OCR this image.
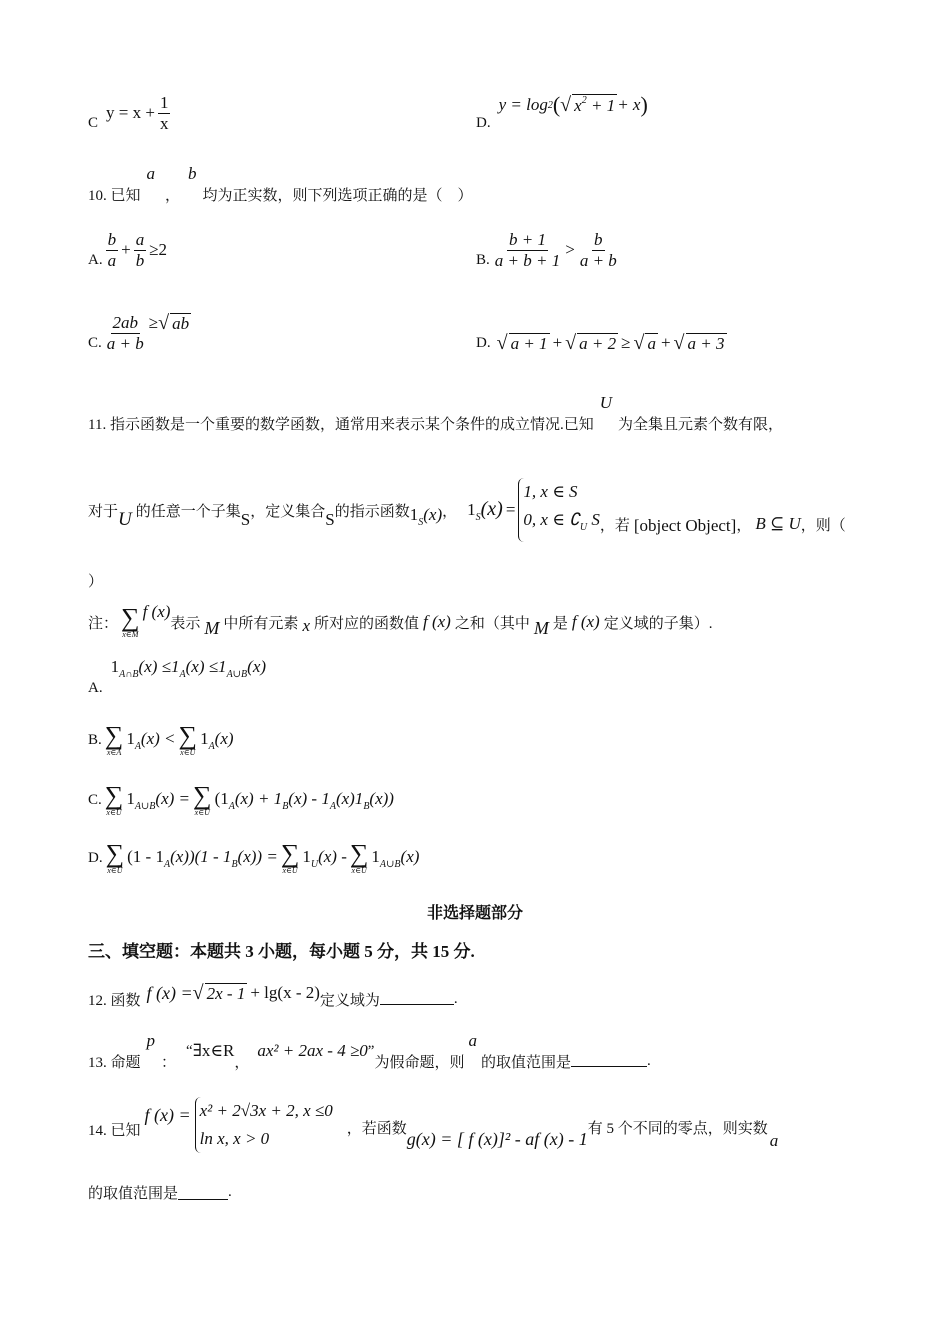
C
$y = x + \frac{1}{x}$	D.
y = log 2 ( √ $x^2 + 1 + x$ )
10. 已知
a
，
b
均为正实数，则下列选项正确的是（　）
A. $\frac{b}{a} + \frac{a}{b} \ge 2$
B. $\frac{b + 1}{a + b + 1} > \frac{b}{a + b}$
C. $\frac{2ab}{a + b}$ ≥ √ ab
D. √ a + 1 + √ a + 2 ≥ √ a + √ a + 3
11. 指示函数是一个重要的数学函数，通常用来表示某个条件的成立情况.已知
U
为全集且元素个数有限，
对于 U 的任意一个子集 S ，定义集合 S 的指示函数 $1_S(x)$ ， $1_S(x)$ =
1, x ∈ S
0, x ∈ $∁_U$ S ，若 [object Object] ， B ⊆ U ，则（
）
注： ∑
x∈M
f (x)
表示 M 中所有元素 x 所对应的函数值 f (x) 之和（其中 M 是 f (x) 定义域的子集）.
A.
$1_{A\cap B}(x) \le 1_A(x) \le 1_{A\cup B}(x)$
B. ∑
x∈A
$1_A(x)$ < ∑
x∈U
$1_A(x)$
C. ∑
x∈U
$1_{A\cup B}(x)$ = ∑
x∈U
$(1_A(x) + 1_B(x) - 1_A(x)1_B(x))$
D. ∑
x∈U
$(1 - 1_A(x))(1 - 1_B(x))$ = ∑
x∈U
$1_U(x)$ - ∑
x∈U
$1_{A\cup B}(x)$
非选择题部分
三、填空题：本题共 3 小题，每小题 5 分，共 15 分.
12. 函数 f (x) = √ 2x - 1 + lg(x - 2) 定义域为	.
13. 命题
p
：
“ ∃x∈R
，
ax² + 2ax - 4 ≥0 ”
为假命题，则
a
的取值范围是	.
14. 已知
f (x) = x² + 2√3x + 2, x ≤0
ln x, x > 0
，若函数 g(x) = [ f (x)]² - af (x) - 1 有 5 个不同的零点，则实数
a
的取值范围是	.
